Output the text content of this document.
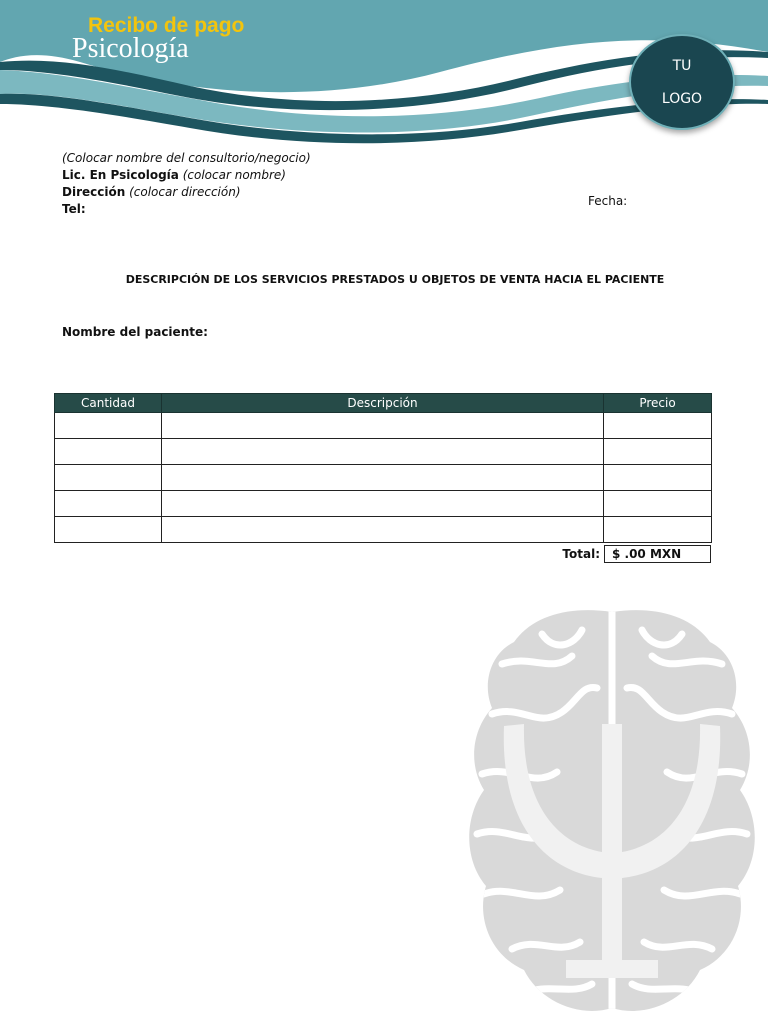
Recibo de pago
Psicología
TU
LOGO
(Colocar nombre del consultorio/negocio)
Lic. En Psicología (colocar nombre)
Dirección (colocar dirección)
Tel:
Fecha:
DESCRIPCIÓN DE LOS SERVICIOS PRESTADOS U OBJETOS DE VENTA HACIA EL PACIENTE
Nombre del paciente:
Cantidad	Descripción	Precio

Total:	$ .00 MXN
